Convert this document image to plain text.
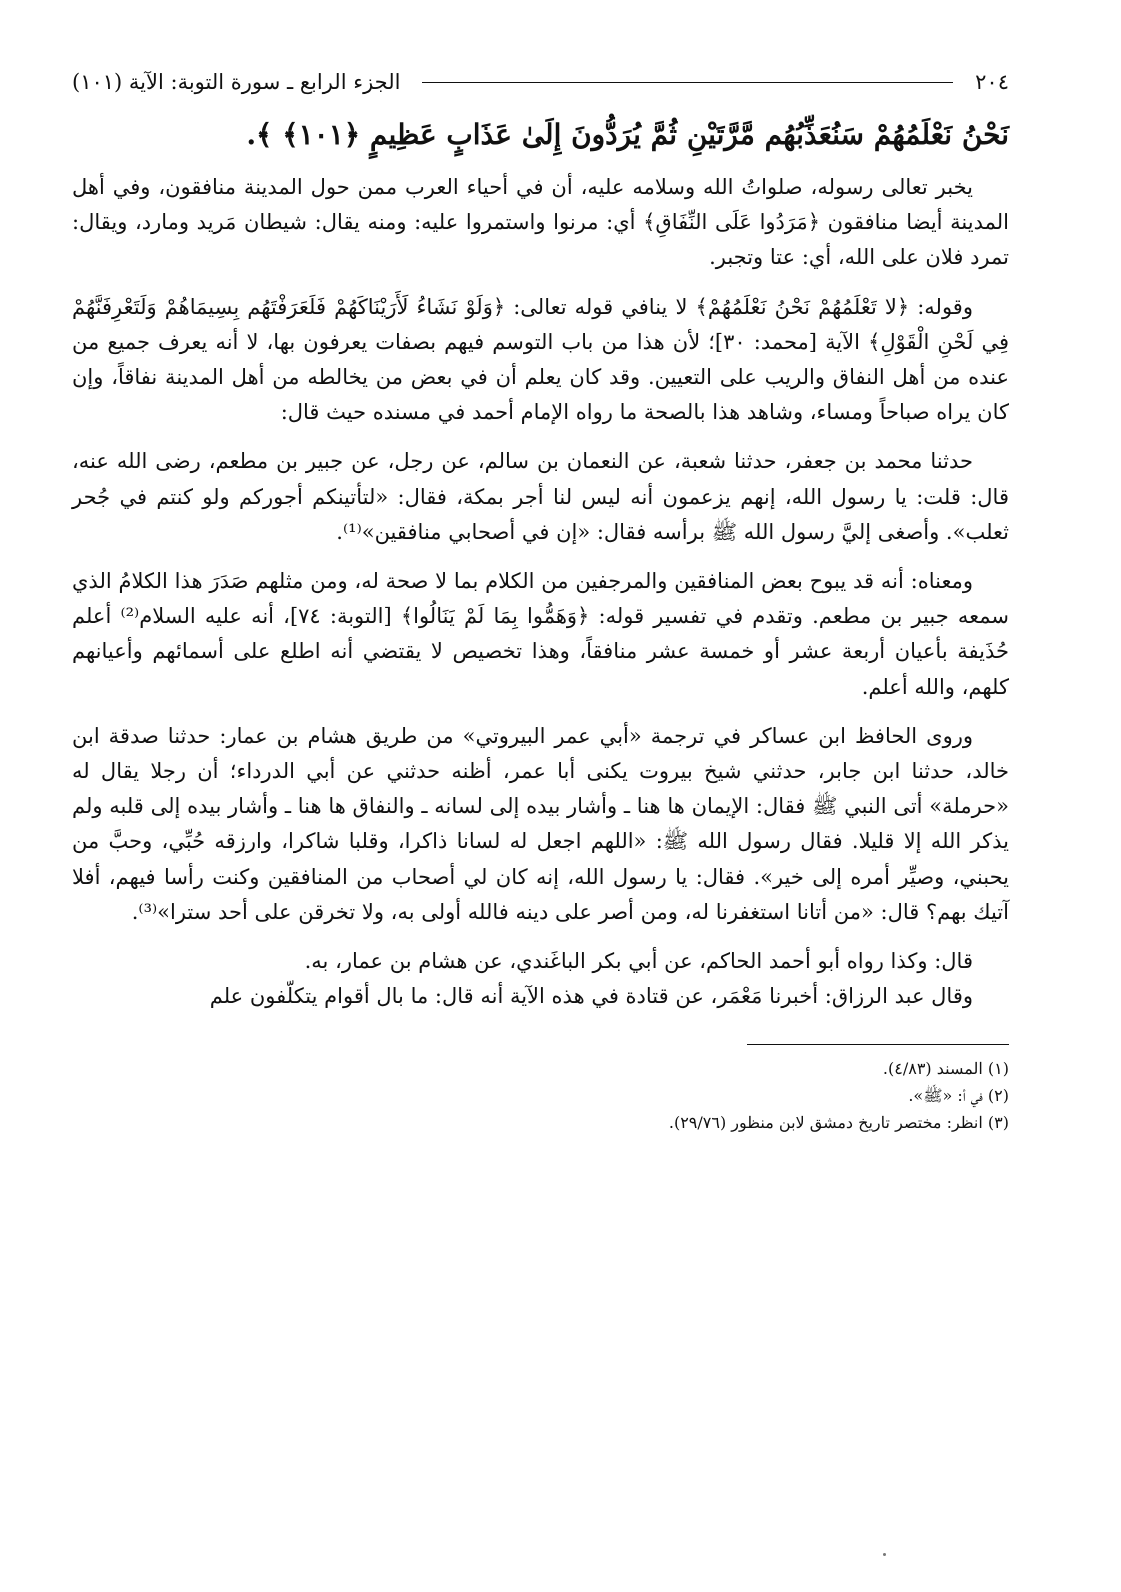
٢٠٤
الجزء الرابع ـ سورة التوبة: الآية (١٠١)
نَحْنُ نَعْلَمُهُمْ سَنُعَذِّبُهُم مَّرَّتَيْنِ ثُمَّ يُرَدُّونَ إِلَىٰ عَذَابٍ عَظِيمٍ ﴿١٠١﴾ ﴾.

يخبر تعالى رسوله، صلواتُ الله وسلامه عليه، أن في أحياء العرب ممن حول المدينة منافقون، وفي أهل المدينة أيضا منافقون ﴿مَرَدُوا عَلَى النِّفَاقِ﴾ أي: مرنوا واستمروا عليه: ومنه يقال: شيطان مَريد ومارد، ويقال: تمرد فلان على الله، أي: عتا وتجبر.

وقوله: ﴿لا تَعْلَمُهُمْ نَحْنُ نَعْلَمُهُمْ﴾ لا ينافي قوله تعالى: ﴿وَلَوْ نَشَاءُ لَأَرَيْنَاكَهُمْ فَلَعَرَفْتَهُم بِسِيمَاهُمْ وَلَتَعْرِفَنَّهُمْ فِي لَحْنِ الْقَوْلِ﴾ الآية [محمد: ٣٠]؛ لأن هذا من باب التوسم فيهم بصفات يعرفون بها، لا أنه يعرف جميع من عنده من أهل النفاق والريب على التعيين. وقد كان يعلم أن في بعض من يخالطه من أهل المدينة نفاقاً، وإن كان يراه صباحاً ومساء، وشاهد هذا بالصحة ما رواه الإمام أحمد في مسنده حيث قال:

حدثنا محمد بن جعفر، حدثنا شعبة، عن النعمان بن سالم، عن رجل، عن جبير بن مطعم، رضى الله عنه، قال: قلت: يا رسول الله، إنهم يزعمون أنه ليس لنا أجر بمكة، فقال: «لتأتينكم أجوركم ولو كنتم في جُحر ثعلب». وأصغى إليَّ رسول الله ﷺ برأسه فقال: «إن في أصحابي منافقين»⁽¹⁾.

ومعناه: أنه قد يبوح بعض المنافقين والمرجفين من الكلام بما لا صحة له، ومن مثلهم صَدَرَ هذا الكلامُ الذي سمعه جبير بن مطعم. وتقدم في تفسير قوله: ﴿وَهَمُّوا بِمَا لَمْ يَنَالُوا﴾ [التوبة: ٧٤]، أنه عليه السلام⁽²⁾ أعلم حُذَيفة بأعيان أربعة عشر أو خمسة عشر منافقاً، وهذا تخصيص لا يقتضي أنه اطلع على أسمائهم وأعيانهم كلهم، والله أعلم.

وروى الحافظ ابن عساكر في ترجمة «أبي عمر البيروتي» من طريق هشام بن عمار: حدثنا صدقة ابن خالد، حدثنا ابن جابر، حدثني شيخ بيروت يكنى أبا عمر، أظنه حدثني عن أبي الدرداء؛ أن رجلا يقال له «حرملة» أتى النبي ﷺ فقال: الإيمان ها هنا ـ وأشار بيده إلى لسانه ـ والنفاق ها هنا ـ وأشار بيده إلى قلبه ولم يذكر الله إلا قليلا. فقال رسول الله ﷺ: «اللهم اجعل له لسانا ذاكرا، وقلبا شاكرا، وارزقه حُبِّي، وحبَّ من يحبني، وصيِّر أمره إلى خير». فقال: يا رسول الله، إنه كان لي أصحاب من المنافقين وكنت رأسا فيهم، أفلا آتيك بهم؟ قال: «من أتانا استغفرنا له، ومن أصر على دينه فالله أولى به، ولا تخرقن على أحد سترا»⁽³⁾.

قال: وكذا رواه أبو أحمد الحاكم، عن أبي بكر الباغَندي، عن هشام بن عمار، به.

وقال عبد الرزاق: أخبرنا مَعْمَر، عن قتادة في هذه الآية أنه قال: ما بال أقوام يتكلّفون علم

(١) المسند (٤/٨٣).

(٢) في أ: «ﷺ».

(٣) انظر: مختصر تاريخ دمشق لابن منظور (٢٩/٧٦).
